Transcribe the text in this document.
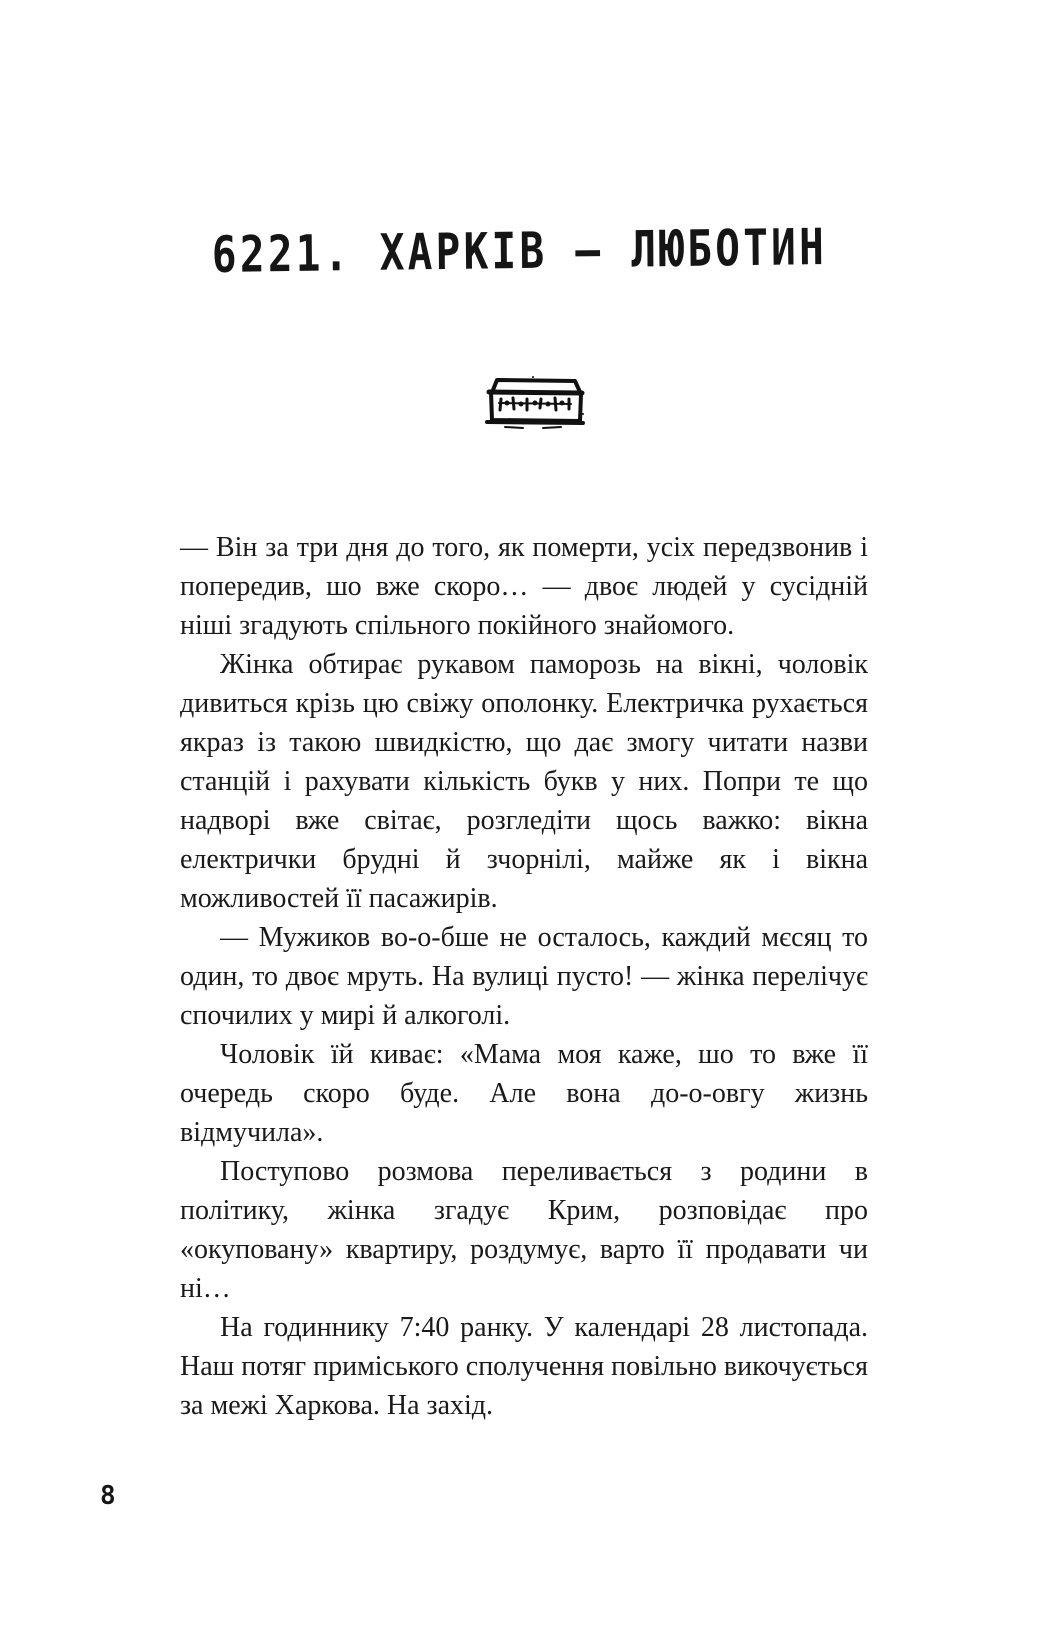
6221. ХАРКІВ — ЛЮБОТИН

— Він за три дня до того, як померти, усіх передзвонив і попередив, шо вже скоро… — двоє людей у сусідній ніші згадують спільного покійного знайомого.

Жінка обтирає рукавом паморозь на вікні, чоловік дивиться крізь цю свіжу ополонку. Електричка рухається якраз із такою швидкістю, що дає змогу читати назви станцій і рахувати кількість букв у них. Попри те що надворі вже світає, розгледіти щось важко: вікна електрички брудні й зчорнілі, майже як і вікна можливостей її пасажирів.

— Мужиков во-о-бше не осталось, каждий мєсяц то один, то двоє мруть. На вулиці пусто! — жінка перелічує спочилих у мирі й алкоголі.

Чоловік їй киває: «Мама моя каже, шо то вже її очередь скоро буде. Але вона до-о-овгу жизнь відмучила».

Поступово розмова переливається з родини в політику, жінка згадує Крим, розповідає про «окуповану» квартиру, роздумує, варто її продавати чи ні…

На годиннику 7:40 ранку. У календарі 28 листопада. Наш потяг приміського сполучення повільно викочується за межі Харкова. На захід.

8
